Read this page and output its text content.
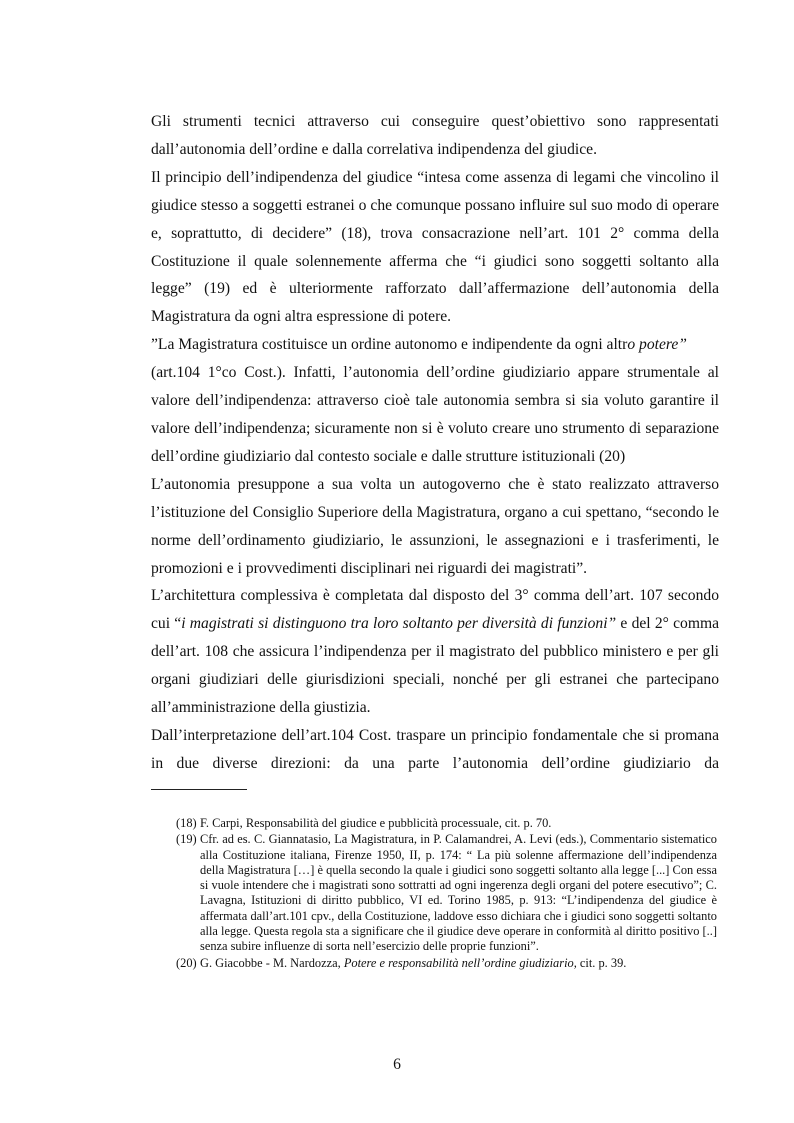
Gli strumenti tecnici attraverso cui conseguire quest’obiettivo sono rappresentati dall’autonomia dell’ordine e dalla correlativa indipendenza del giudice.

Il principio dell’indipendenza del giudice “intesa come assenza di legami che vincolino il giudice stesso a soggetti estranei o che comunque possano influire sul suo modo di operare e, soprattutto, di decidere” (18), trova consacrazione nell’art. 101 2° comma della Costituzione il quale solennemente afferma che “i giudici sono soggetti soltanto alla legge” (19) ed è ulteriormente rafforzato dall’affermazione dell’autonomia della Magistratura da ogni altra espressione di potere.

”La Magistratura costituisce un ordine autonomo e indipendente da ogni altro potere”

(art.104 1°co Cost.). Infatti, l’autonomia dell’ordine giudiziario appare strumentale al valore dell’indipendenza: attraverso cioè tale autonomia sembra si sia voluto garantire il valore dell’indipendenza; sicuramente non si è voluto creare uno strumento di separazione dell’ordine giudiziario dal contesto sociale e dalle strutture istituzionali (20)

L’autonomia presuppone a sua volta un autogoverno che è stato realizzato attraverso l’istituzione del Consiglio Superiore della Magistratura, organo a cui spettano, “secondo le norme dell’ordinamento giudiziario, le assunzioni, le assegnazioni e i trasferimenti, le promozioni e i provvedimenti disciplinari nei riguardi dei magistrati”.

L’architettura complessiva è completata dal disposto del 3° comma dell’art. 107 secondo cui “i magistrati si distinguono tra loro soltanto per diversità di funzioni” e del 2° comma dell’art. 108 che assicura l’indipendenza per il magistrato del pubblico ministero e per gli organi giudiziari delle giurisdizioni speciali, nonché per gli estranei che partecipano all’amministrazione della giustizia.

Dall’interpretazione dell’art.104 Cost. traspare un principio fondamentale che si promana in due diverse direzioni: da una parte l’autonomia dell’ordine giudiziario da

(18) F. Carpi, Responsabilità del giudice e pubblicità processuale, cit. p. 70.

(19) Cfr. ad es. C. Giannatasio, La Magistratura, in P. Calamandrei, A. Levi (eds.), Commentario sistematico alla Costituzione italiana, Firenze 1950, II, p. 174: “ La più solenne affermazione dell’indipendenza della Magistratura […] è quella secondo la quale i giudici sono soggetti soltanto alla legge [...] Con essa si vuole intendere che i magistrati sono sottratti ad ogni ingerenza degli organi del potere esecutivo”; C. Lavagna, Istituzioni di diritto pubblico, VI ed. Torino 1985, p. 913: “L’indipendenza del giudice è affermata dall’art.101 cpv., della Costituzione, laddove esso dichiara che i giudici sono soggetti soltanto alla legge. Questa regola sta a significare che il giudice deve operare in conformità al diritto positivo [..] senza subire influenze di sorta nell’esercizio delle proprie funzioni”.

(20) G. Giacobbe - M. Nardozza, Potere e responsabilità nell’ordine giudiziario, cit. p. 39.

6
